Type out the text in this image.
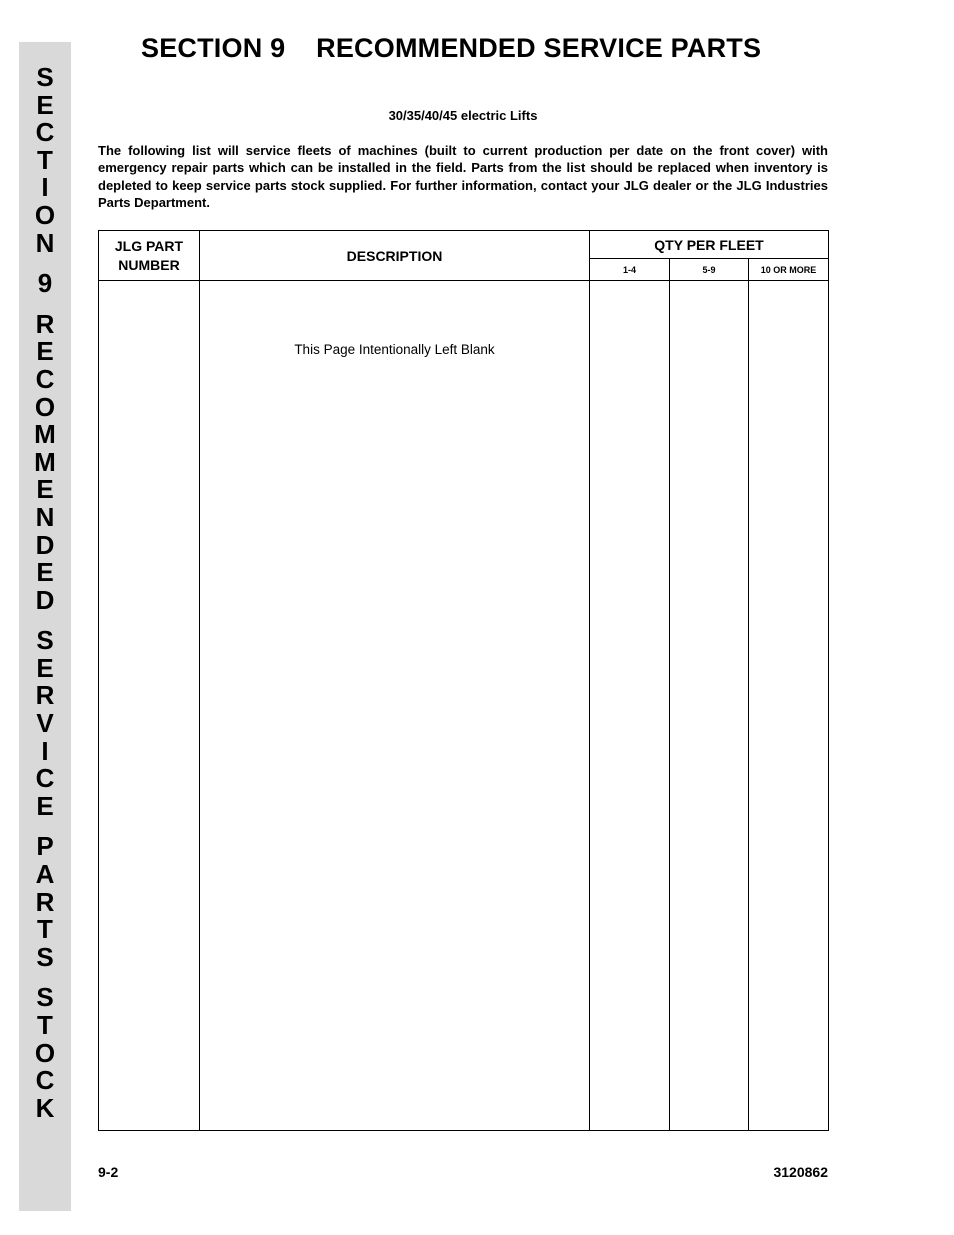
S
E
C
T
I
O
N
9
R
E
C
O
M
M
E
N
D
E
D
S
E
R
V
I
C
E
P
A
R
T
S
S
T
O
C
K
SECTION 9    RECOMMENDED SERVICE PARTS
30/35/40/45 electric Lifts

The following list will service fleets of machines (built to current production per date on the front cover) with emergency repair parts which can be installed in the field. Parts from the list should be replaced when inventory is depleted to keep service parts stock supplied. For further information, contact your JLG dealer or the JLG Industries Parts Department.

JLG PART NUMBER	DESCRIPTION	QTY PER FLEET		
		1-4	5-9	10 OR MORE

	This Page Intentionally Left Blank			

9-2	3120862
